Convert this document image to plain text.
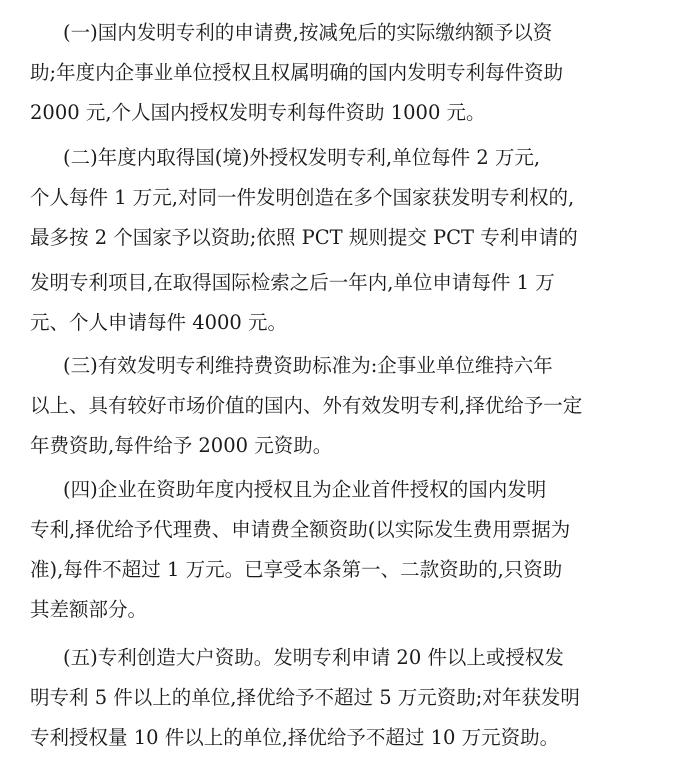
(一)国内发明专利的申请费,按减免后的实际缴纳额予以资
助;年度内企事业单位授权且权属明确的国内发明专利每件资助
2000 元,个人国内授权发明专利每件资助 1000 元。
(二)年度内取得国(境)外授权发明专利,单位每件 2 万元,
个人每件 1 万元,对同一件发明创造在多个国家获发明专利权的,
最多按 2 个国家予以资助;依照 PCT 规则提交 PCT 专利申请的
发明专利项目,在取得国际检索之后一年内,单位申请每件 1 万
元、个人申请每件 4000 元。
(三)有效发明专利维持费资助标准为:企事业单位维持六年
以上、具有较好市场价值的国内、外有效发明专利,择优给予一定
年费资助,每件给予 2000 元资助。
(四)企业在资助年度内授权且为企业首件授权的国内发明
专利,择优给予代理费、申请费全额资助(以实际发生费用票据为
准),每件不超过 1 万元。已享受本条第一、二款资助的,只资助
其差额部分。
(五)专利创造大户资助。发明专利申请 20 件以上或授权发
明专利 5 件以上的单位,择优给予不超过 5 万元资助;对年获发明
专利授权量 10 件以上的单位,择优给予不超过 10 万元资助。
